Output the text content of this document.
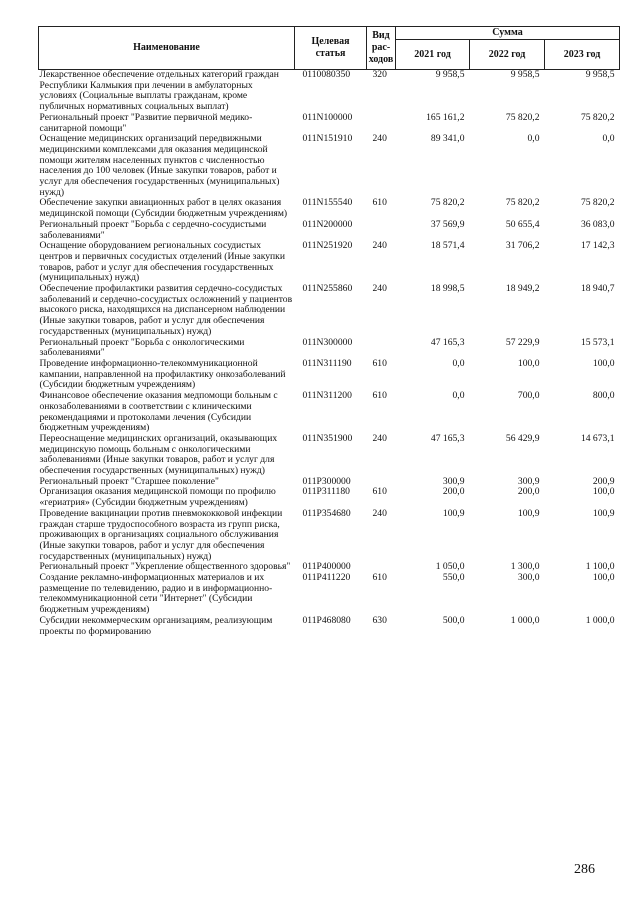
Наименование	Целевая статья	Вид рас-ходов	Сумма		
			2021 год	2022 год	2023 год
Лекарственное обеспечение отдельных категорий граждан Республики Калмыкия при лечении в амбулаторных условиях (Социальные выплаты гражданам, кроме публичных нормативных социальных выплат)	0110080350	320	9 958,5	9 958,5	9 958,5
Региональный проект "Развитие первичной медико-санитарной помощи"	011N100000		165 161,2	75 820,2	75 820,2
Оснащение медицинских организаций передвижными медицинскими комплексами для оказания медицинской помощи жителям населенных пунктов с численностью населения до 100 человек (Иные закупки товаров, работ и услуг для обеспечения государственных (муниципальных) нужд)	011N151910	240	89 341,0	0,0	0,0
Обеспечение закупки авиационных работ в целях оказания медицинской помощи (Субсидии бюджетным учреждениям)	011N155540	610	75 820,2	75 820,2	75 820,2
Региональный проект "Борьба с сердечно-сосудистыми заболеваниями"	011N200000		37 569,9	50 655,4	36 083,0
Оснащение оборудованием региональных сосудистых центров и первичных сосудистых отделений (Иные закупки товаров, работ и услуг для обеспечения государственных (муниципальных) нужд)	011N251920	240	18 571,4	31 706,2	17 142,3
Обеспечение профилактики развития сердечно-сосудистых заболеваний и сердечно-сосудистых осложнений у пациентов высокого риска, находящихся на диспансерном наблюдении (Иные закупки товаров, работ и услуг для обеспечения государственных (муниципальных) нужд)	011N255860	240	18 998,5	18 949,2	18 940,7
Региональный проект "Борьба с онкологическими заболеваниями"	011N300000		47 165,3	57 229,9	15 573,1
Проведение информационно-телекоммуникационной кампании, направленной на профилактику онкозаболеваний (Субсидии бюджетным учреждениям)	011N311190	610	0,0	100,0	100,0
Финансовое обеспечение оказания медпомощи больным с онкозаболеваниями в соответствии с клиническими рекомендациями и протоколами лечения (Субсидии бюджетным учреждениям)	011N311200	610	0,0	700,0	800,0
Переоснащение медицинских организаций, оказывающих медицинскую помощь больным с онкологическими заболеваниями (Иные закупки товаров, работ и услуг для обеспечения государственных (муниципальных) нужд)	011N351900	240	47 165,3	56 429,9	14 673,1
Региональный проект "Старшее поколение"	011P300000		300,9	300,9	200,9
Организация оказания медицинской помощи по профилю «гериатрия» (Субсидии бюджетным учреждениям)	011P311180	610	200,0	200,0	100,0
Проведение вакцинации против пневмококковой инфекции граждан старше трудоспособного возраста из групп риска, проживающих в организациях социального обслуживания (Иные закупки товаров, работ и услуг для обеспечения государственных (муниципальных) нужд)	011P354680	240	100,9	100,9	100,9
Региональный проект "Укрепление общественного здоровья"	011P400000		1 050,0	1 300,0	1 100,0
Создание рекламно-информационных материалов и их размещение по телевидению, радио и в информационно-телекоммуникационной сети "Интернет" (Субсидии бюджетным учреждениям)	011P411220	610	550,0	300,0	100,0
Субсидии некоммерческим организациям, реализующим проекты по формированию	011P468080	630	500,0	1 000,0	1 000,0
286
